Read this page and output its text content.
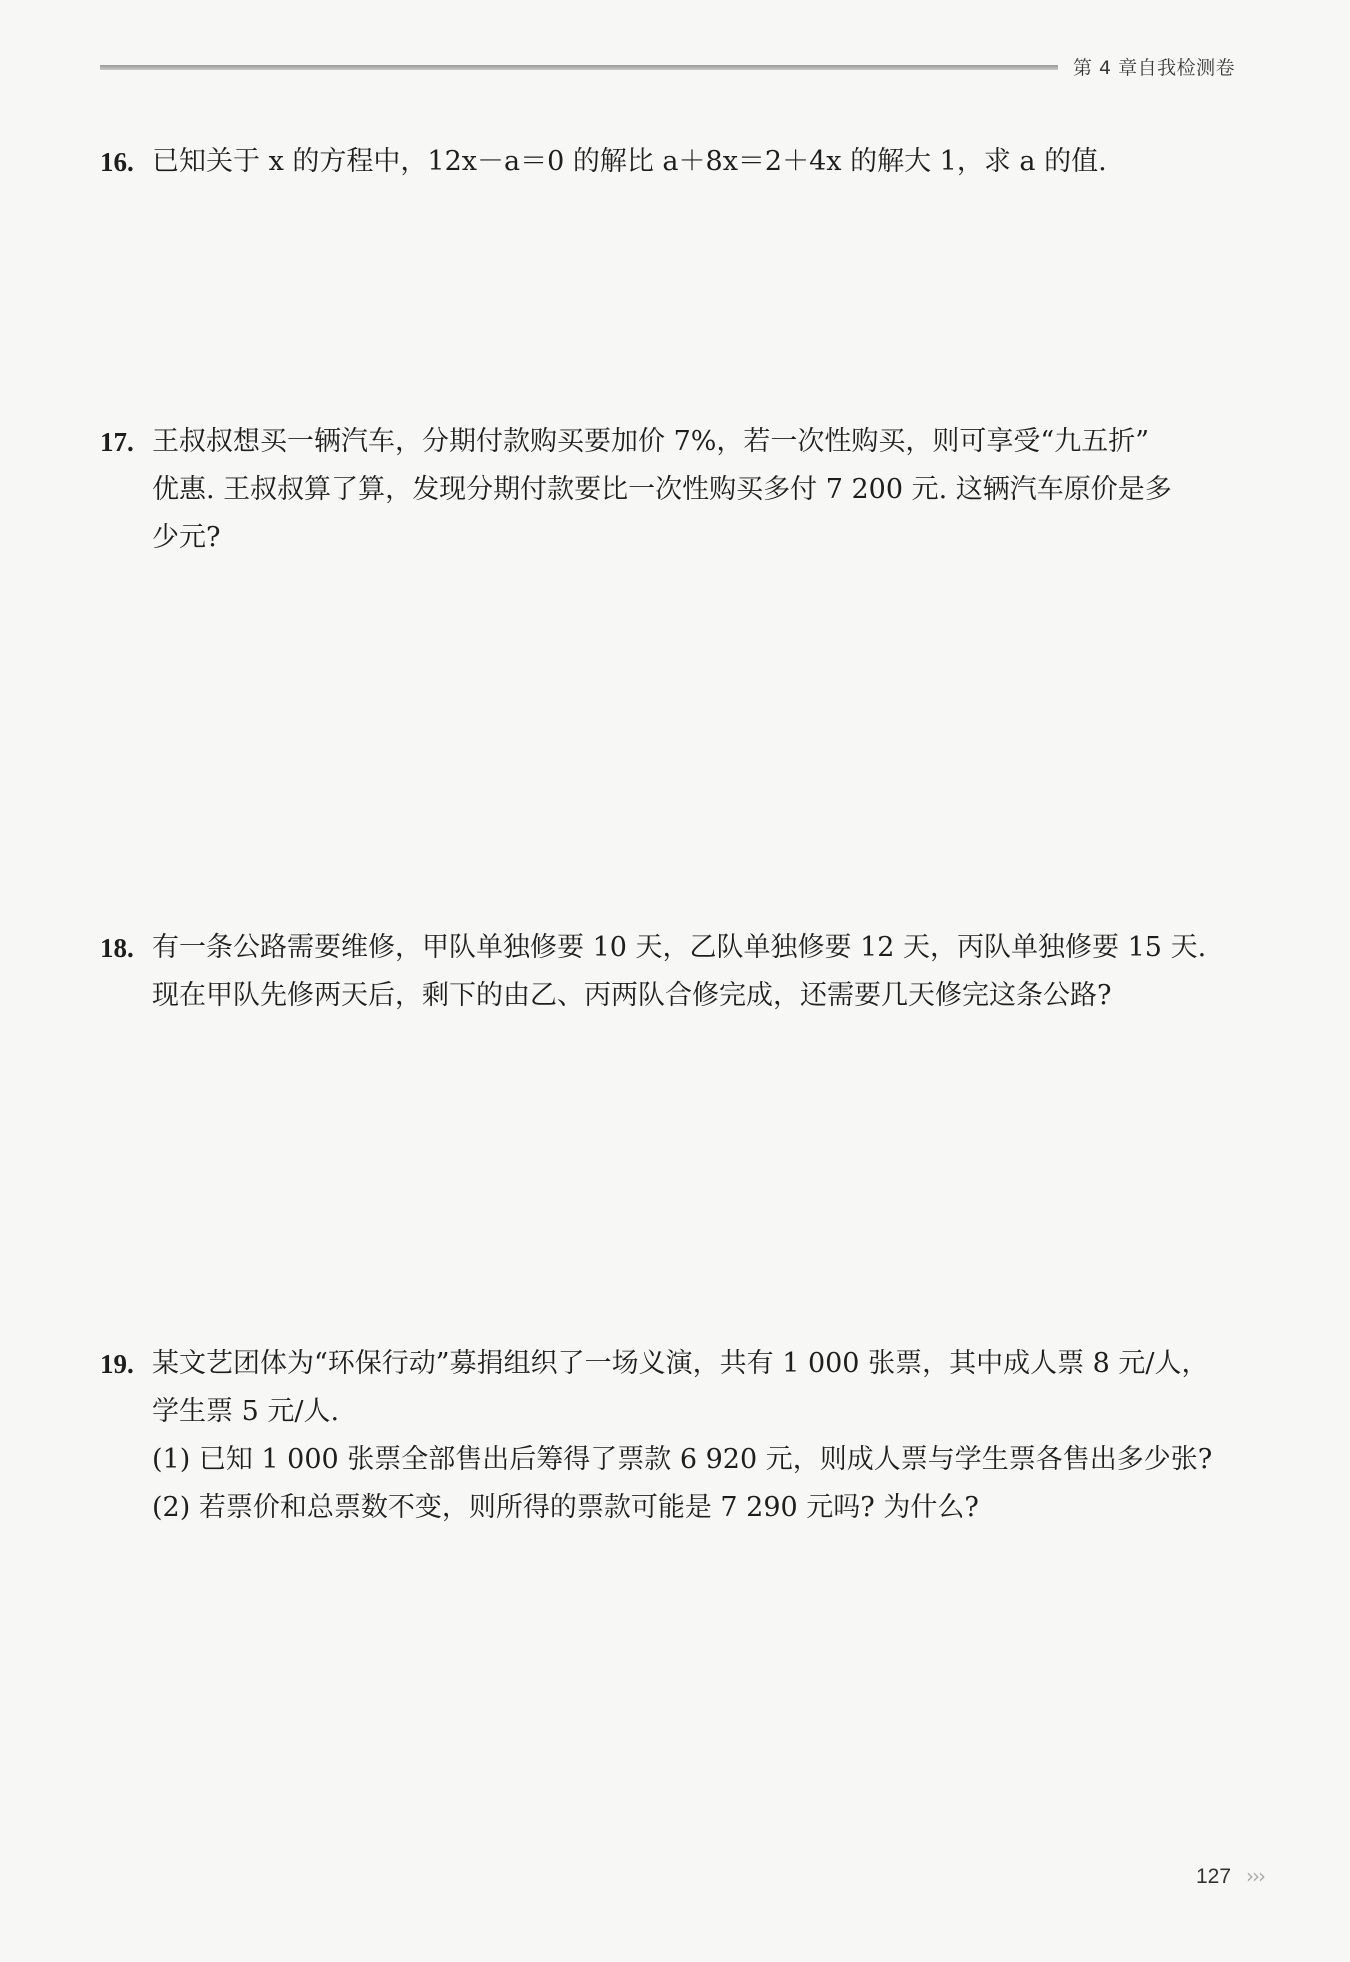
第 4 章自我检测卷
16. 已知关于 x 的方程中，12x－a＝0 的解比 a＋8x＝2＋4x 的解大 1，求 a 的值.
17. 王叔叔想买一辆汽车，分期付款购买要加价 7%，若一次性购买，则可享受“九五折”
优惠. 王叔叔算了算，发现分期付款要比一次性购买多付 7 200 元. 这辆汽车原价是多
少元?
18. 有一条公路需要维修，甲队单独修要 10 天，乙队单独修要 12 天，丙队单独修要 15 天.
现在甲队先修两天后，剩下的由乙、丙两队合修完成，还需要几天修完这条公路?
19. 某文艺团体为“环保行动”募捐组织了一场义演，共有 1 000 张票，其中成人票 8 元/人，
学生票 5 元/人.
(1) 已知 1 000 张票全部售出后筹得了票款 6 920 元，则成人票与学生票各售出多少张?
(2) 若票价和总票数不变，则所得的票款可能是 7 290 元吗? 为什么?
127 ›››
